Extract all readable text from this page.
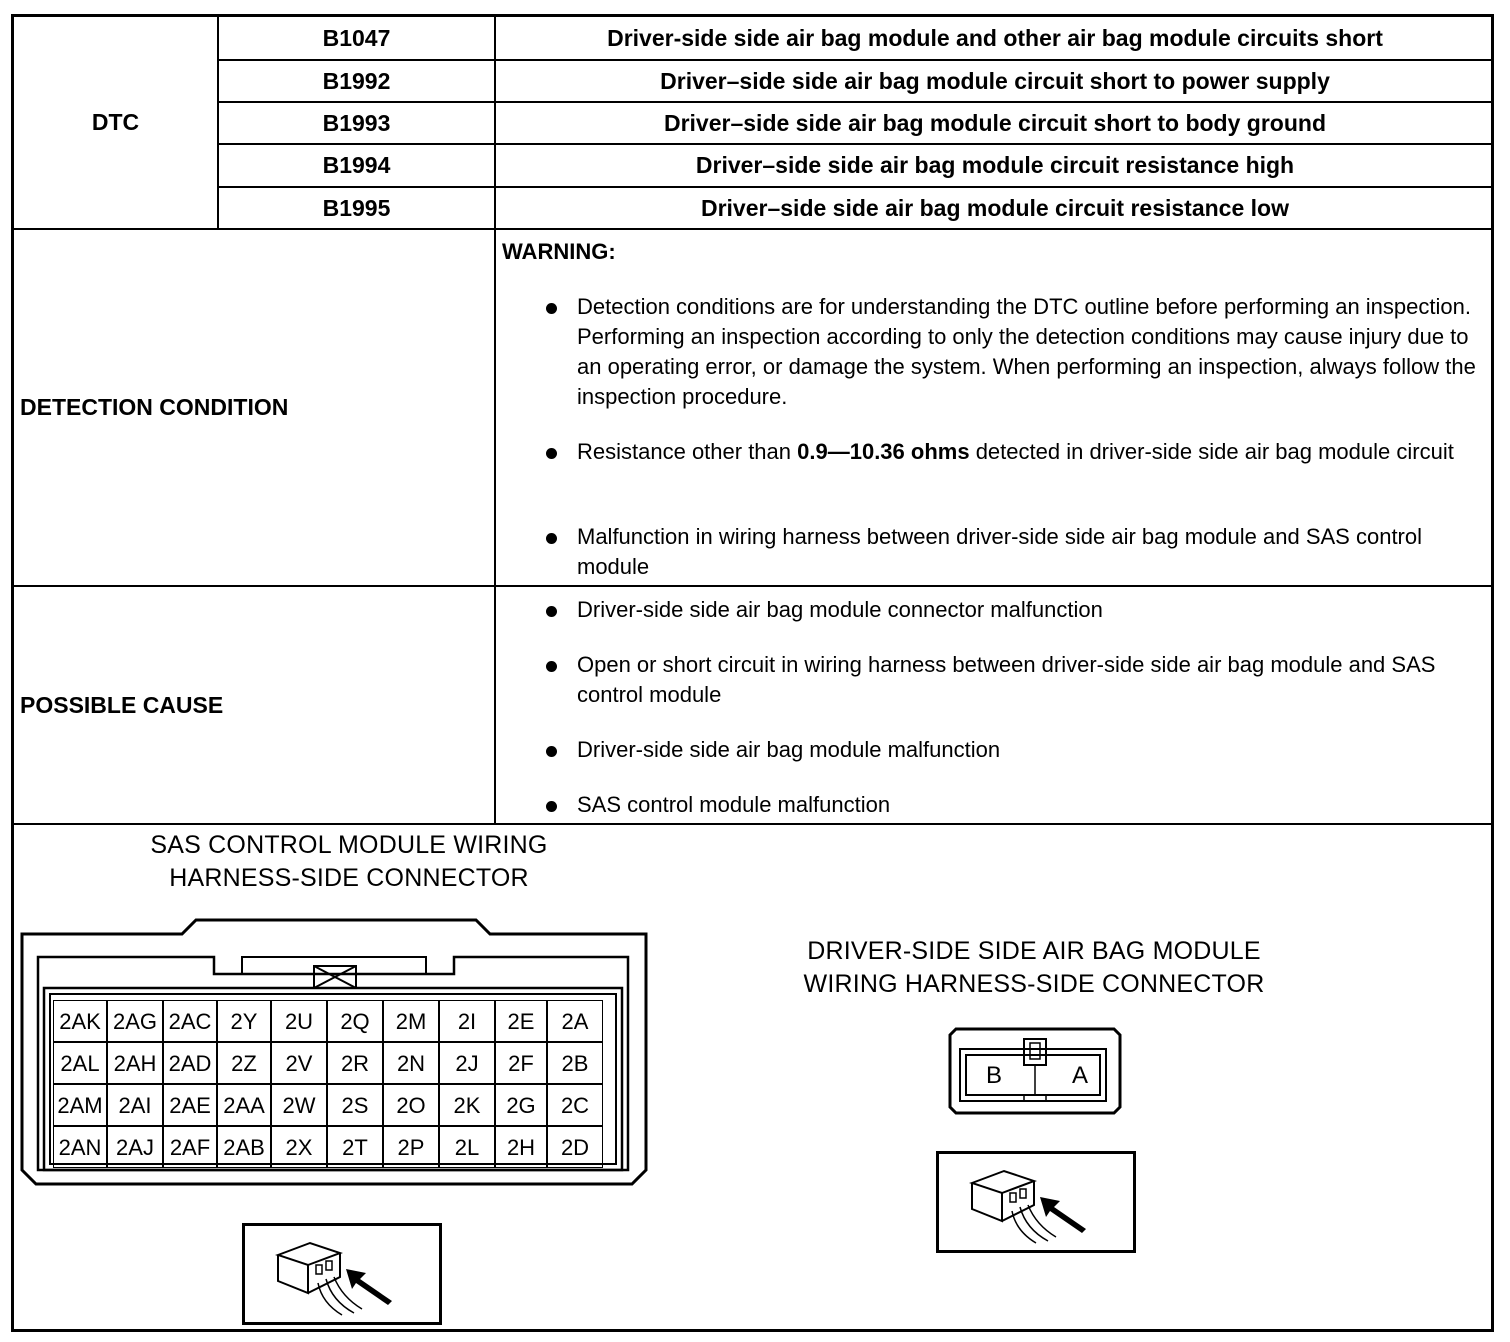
DTC
B1047	Driver-side side air bag module and other air bag module circuits short
B1992	Driver–side side air bag module circuit short to power supply
B1993	Driver–side side air bag module circuit short to body ground
B1994	Driver–side side air bag module circuit resistance high
B1995	Driver–side side air bag module circuit resistance low
DETECTION CONDITION
WARNING:
Detection conditions are for understanding the DTC outline before performing an inspection. Performing an inspection according to only the detection conditions may cause injury due to an operating error, or damage the system. When performing an inspection, always follow the inspection procedure.
Resistance other than 0.9—10.36 ohms detected in driver-side side air bag module circuit
Malfunction in wiring harness between driver-side side air bag module and SAS control module
POSSIBLE CAUSE
Driver-side side air bag module connector malfunction
Open or short circuit in wiring harness between driver-side side air bag module and SAS control module
Driver-side side air bag module malfunction
SAS control module malfunction
SAS CONTROL MODULE WIRING
HARNESS-SIDE CONNECTOR
2AK 2AG 2AC 2Y	2U	2Q	2M	2I	2E	2A
2AL 2AH 2AD 2Z	2V	2R	2N	2J	2F	2B
2AM 2AI 2AE 2AA 2W	2S	2O	2K	2G	2C
2AN 2AJ 2AF 2AB 2X	2T	2P	2L	2H	2D
DRIVER-SIDE SIDE AIR BAG MODULE
WIRING HARNESS-SIDE CONNECTOR
B	A
